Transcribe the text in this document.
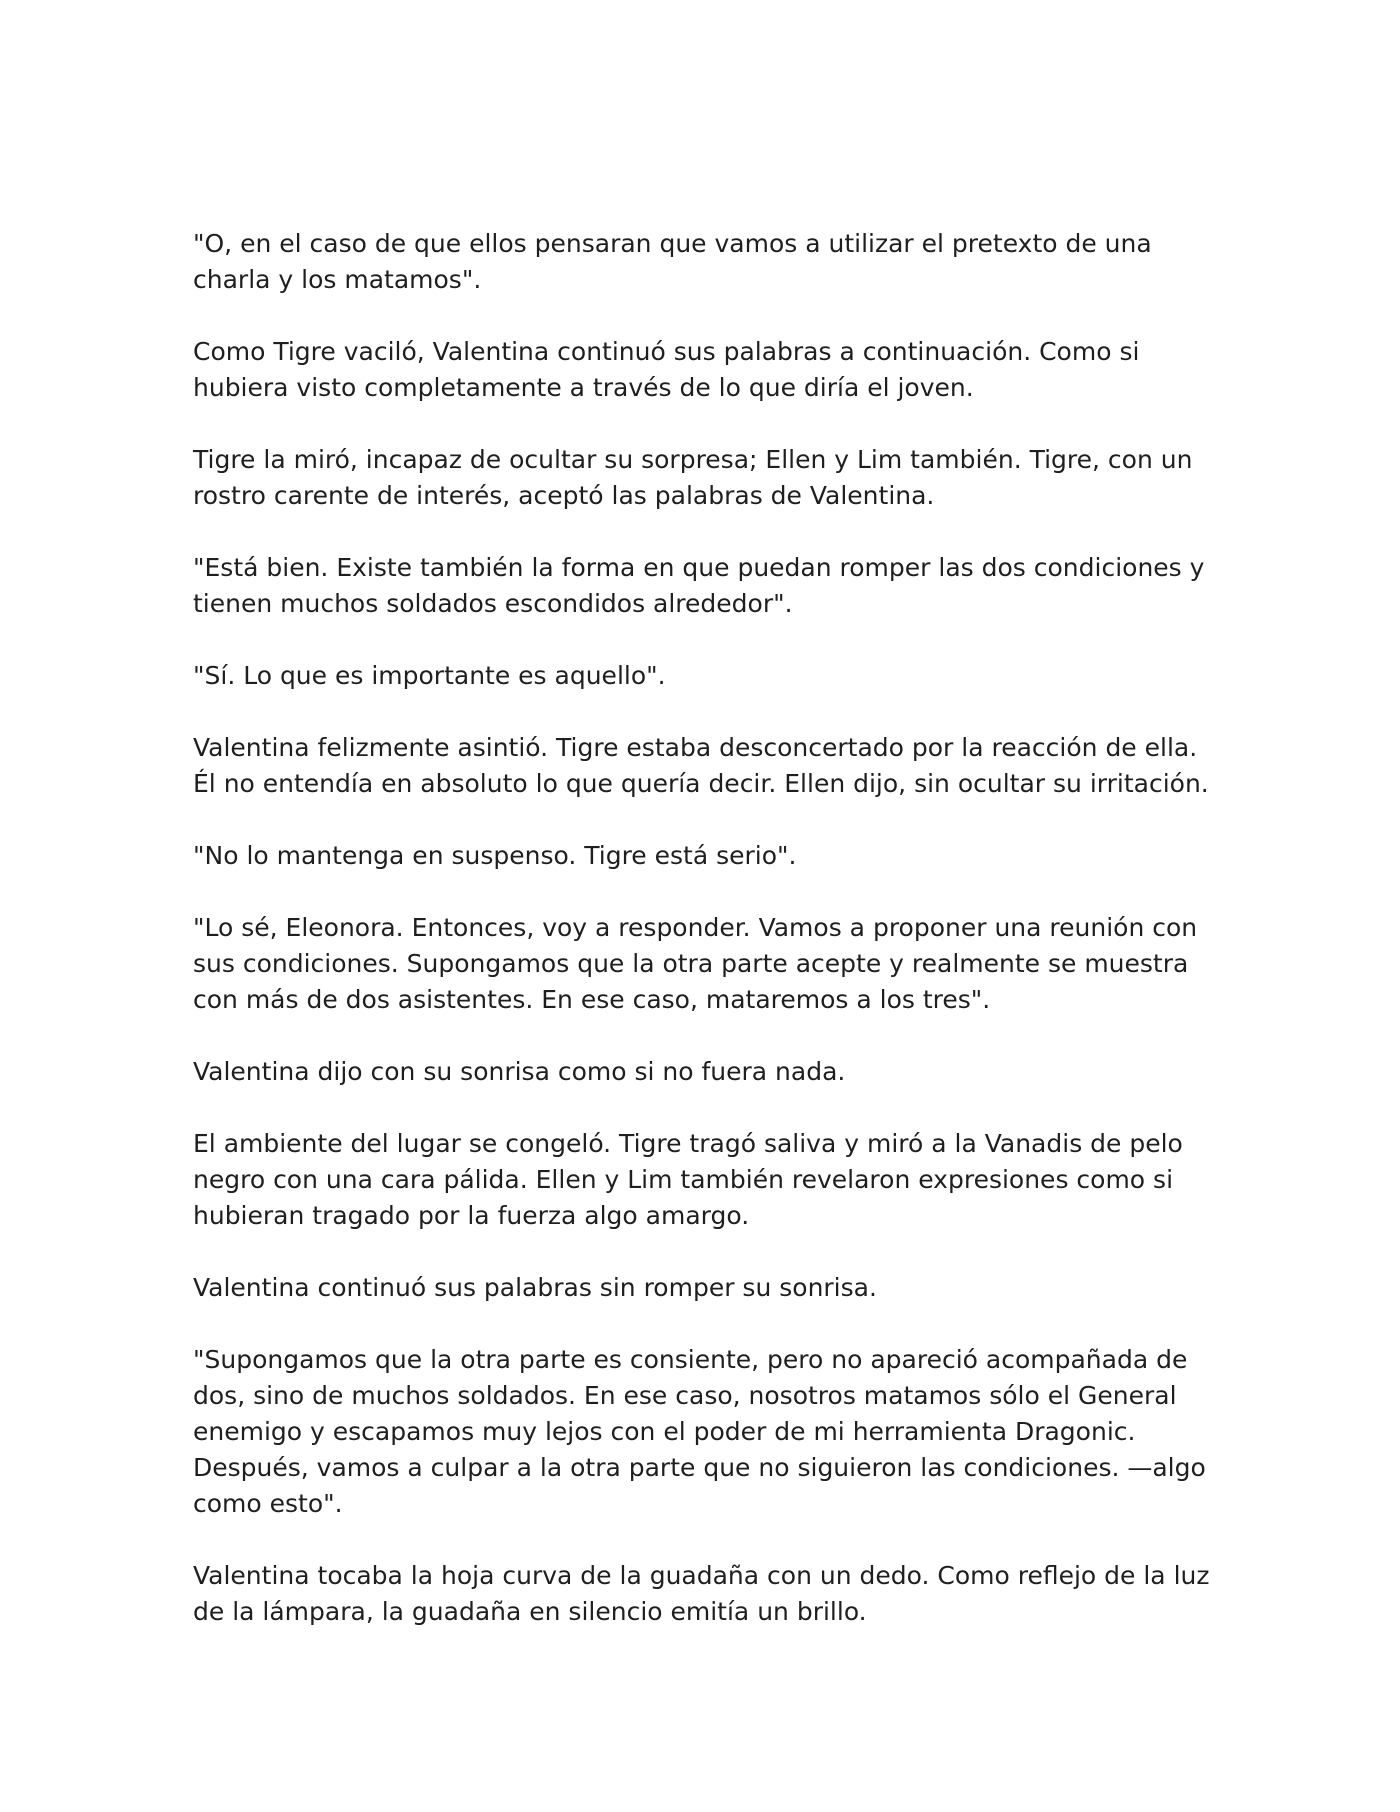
"O, en el caso de que ellos pensaran que vamos a utilizar el pretexto de una charla y los matamos".

Como Tigre vaciló, Valentina continuó sus palabras a continuación. Como si hubiera visto completamente a través de lo que diría el joven.

Tigre la miró, incapaz de ocultar su sorpresa; Ellen y Lim también. Tigre, con un rostro carente de interés, aceptó las palabras de Valentina.

"Está bien. Existe también la forma en que puedan romper las dos condiciones y tienen muchos soldados escondidos alrededor".

"Sí. Lo que es importante es aquello".

Valentina felizmente asintió. Tigre estaba desconcertado por la reacción de ella. Él no entendía en absoluto lo que quería decir. Ellen dijo, sin ocultar su irritación.

"No lo mantenga en suspenso. Tigre está serio".

"Lo sé, Eleonora. Entonces, voy a responder. Vamos a proponer una reunión con sus condiciones. Supongamos que la otra parte acepte y realmente se muestra con más de dos asistentes. En ese caso, mataremos a los tres".

Valentina dijo con su sonrisa como si no fuera nada.

El ambiente del lugar se congeló. Tigre tragó saliva y miró a la Vanadis de pelo negro con una cara pálida. Ellen y Lim también revelaron expresiones como si hubieran tragado por la fuerza algo amargo.

Valentina continuó sus palabras sin romper su sonrisa.

"Supongamos que la otra parte es consiente, pero no apareció acompañada de dos, sino de muchos soldados. En ese caso, nosotros matamos sólo el General enemigo y escapamos muy lejos con el poder de mi herramienta Dragonic. Después, vamos a culpar a la otra parte que no siguieron las condiciones. —algo como esto".

Valentina tocaba la hoja curva de la guadaña con un dedo. Como reflejo de la luz de la lámpara, la guadaña en silencio emitía un brillo.
